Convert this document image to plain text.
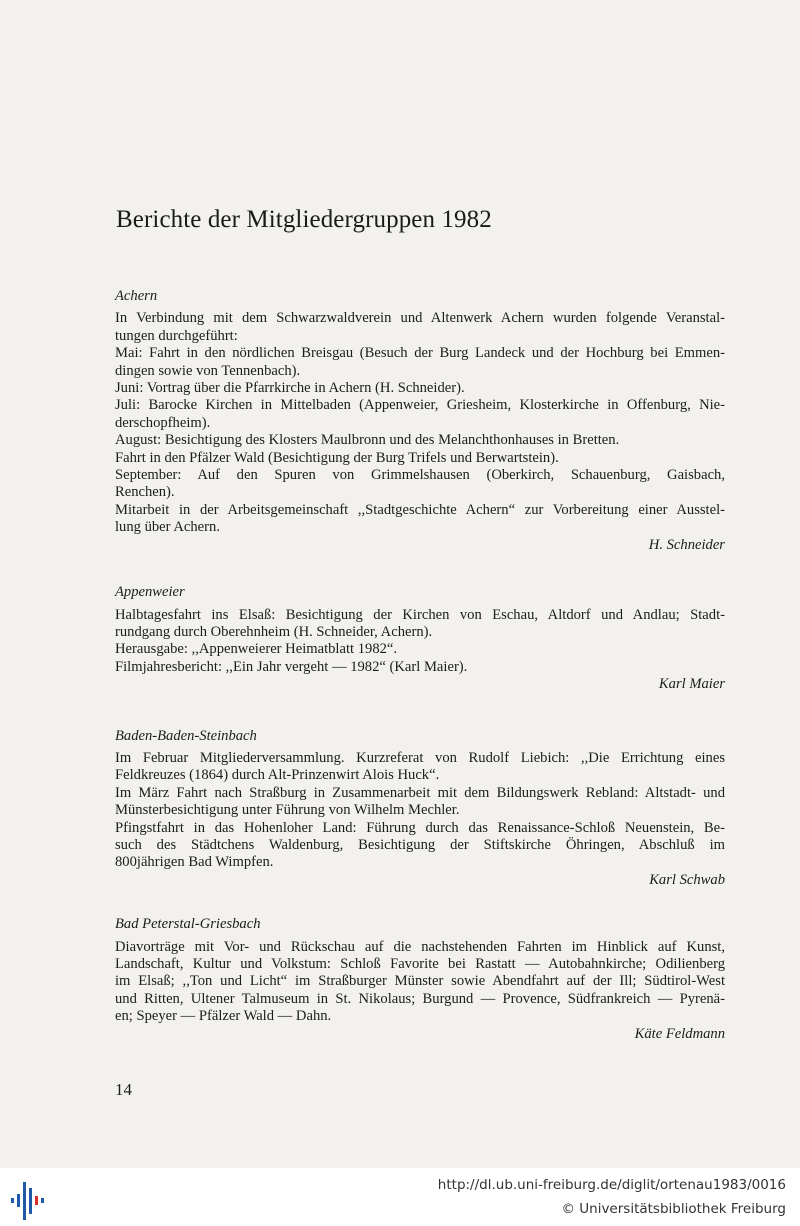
Berichte der Mitgliedergruppen 1982
Achern
In Verbindung mit dem Schwarzwaldverein und Altenwerk Achern wurden folgende Veranstal-
tungen durchgeführt:
Mai: Fahrt in den nördlichen Breisgau (Besuch der Burg Landeck und der Hochburg bei Emmen-
dingen sowie von Tennenbach).
Juni: Vortrag über die Pfarrkirche in Achern (H. Schneider).
Juli: Barocke Kirchen in Mittelbaden (Appenweier, Griesheim, Klosterkirche in Offenburg, Nie-
derschopfheim).
August: Besichtigung des Klosters Maulbronn und des Melanchthonhauses in Bretten.
Fahrt in den Pfälzer Wald (Besichtigung der Burg Trifels und Berwartstein).
September: Auf den Spuren von Grimmelshausen (Oberkirch, Schauenburg, Gaisbach,
Renchen).
Mitarbeit in der Arbeitsgemeinschaft ,,Stadtgeschichte Achern“ zur Vorbereitung einer Ausstel-
lung über Achern.
H. Schneider
Appenweier
Halbtagesfahrt ins Elsaß: Besichtigung der Kirchen von Eschau, Altdorf und Andlau; Stadt-
rundgang durch Oberehnheim (H. Schneider, Achern).
Herausgabe: ,,Appenweierer Heimatblatt 1982“.
Filmjahresbericht: ,,Ein Jahr vergeht — 1982“ (Karl Maier).
Karl Maier
Baden-Baden-Steinbach
Im Februar Mitgliederversammlung. Kurzreferat von Rudolf Liebich: ,,Die Errichtung eines
Feldkreuzes (1864) durch Alt-Prinzenwirt Alois Huck“.
Im März Fahrt nach Straßburg in Zusammenarbeit mit dem Bildungswerk Rebland: Altstadt- und
Münsterbesichtigung unter Führung von Wilhelm Mechler.
Pfingstfahrt in das Hohenloher Land: Führung durch das Renaissance-Schloß Neuenstein, Be-
such des Städtchens Waldenburg, Besichtigung der Stiftskirche Öhringen, Abschluß im
800jährigen Bad Wimpfen.
Karl Schwab
Bad Peterstal-Griesbach
Diavorträge mit Vor- und Rückschau auf die nachstehenden Fahrten im Hinblick auf Kunst,
Landschaft, Kultur und Volkstum: Schloß Favorite bei Rastatt — Autobahnkirche; Odilienberg
im Elsaß; ,,Ton und Licht“ im Straßburger Münster sowie Abendfahrt auf der Ill; Südtirol-West
und Ritten, Ultener Talmuseum in St. Nikolaus; Burgund — Provence, Südfrankreich — Pyrenä-
en; Speyer — Pfälzer Wald — Dahn.
Käte Feldmann
14
http://dl.ub.uni-freiburg.de/diglit/ortenau1983/0016
© Universitätsbibliothek Freiburg
